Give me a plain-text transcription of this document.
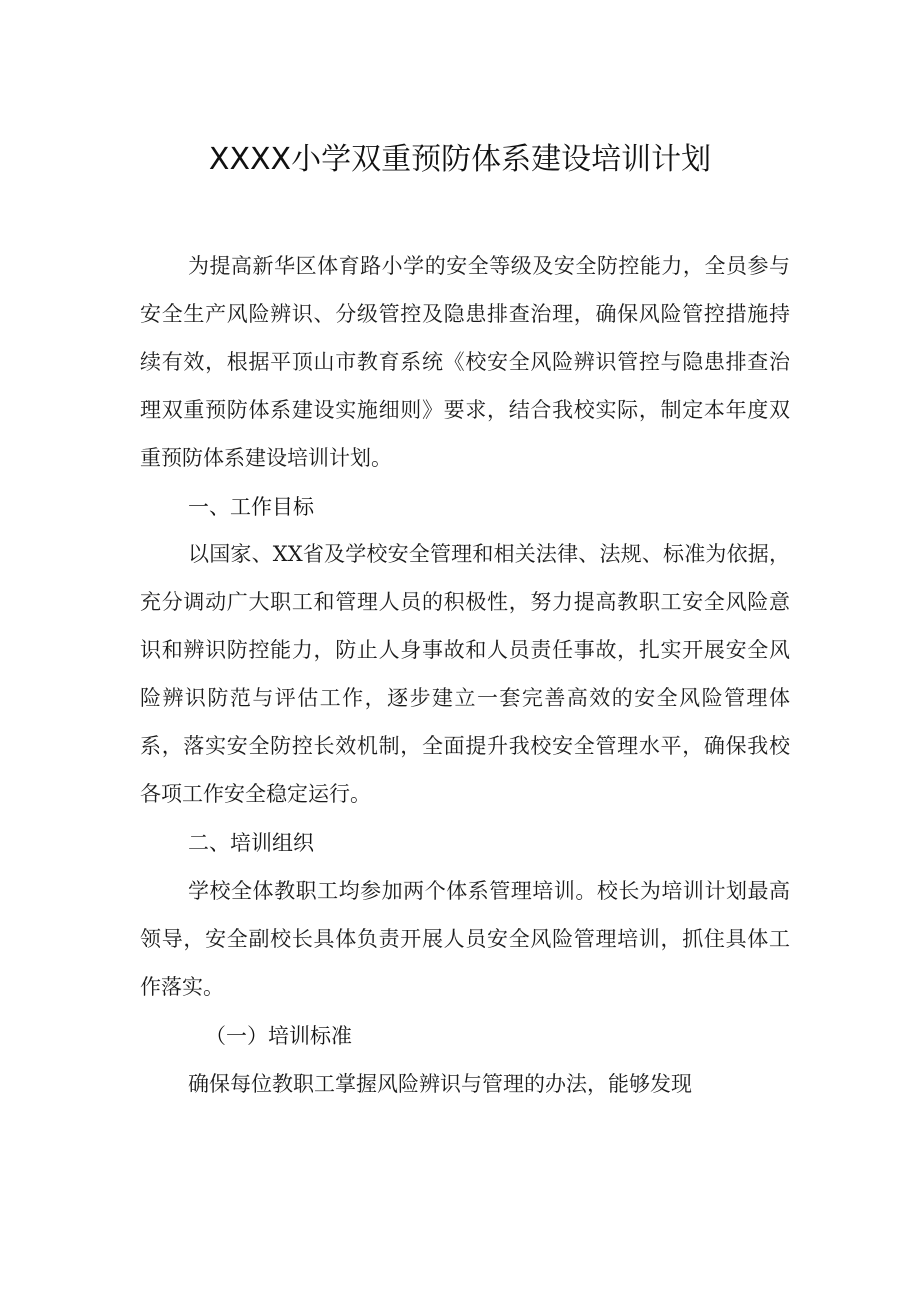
XXXX小学双重预防体系建设培训计划

为提高新华区体育路小学的安全等级及安全防控能力，全员参与安全生产风险辨识、分级管控及隐患排查治理，确保风险管控措施持续有效，根据平顶山市教育系统《校安全风险辨识管控与隐患排查治理双重预防体系建设实施细则》要求，结合我校实际，制定本年度双重预防体系建设培训计划。

一、工作目标

以国家、XX省及学校安全管理和相关法律、法规、标准为依据，充分调动广大职工和管理人员的积极性，努力提高教职工安全风险意识和辨识防控能力，防止人身事故和人员责任事故，扎实开展安全风险辨识防范与评估工作，逐步建立一套完善高效的安全风险管理体系，落实安全防控长效机制，全面提升我校安全管理水平，确保我校各项工作安全稳定运行。

二、培训组织

学校全体教职工均参加两个体系管理培训。校长为培训计划最高领导，安全副校长具体负责开展人员安全风险管理培训，抓住具体工作落实。

（一）培训标准

确保每位教职工掌握风险辨识与管理的办法，能够发现
